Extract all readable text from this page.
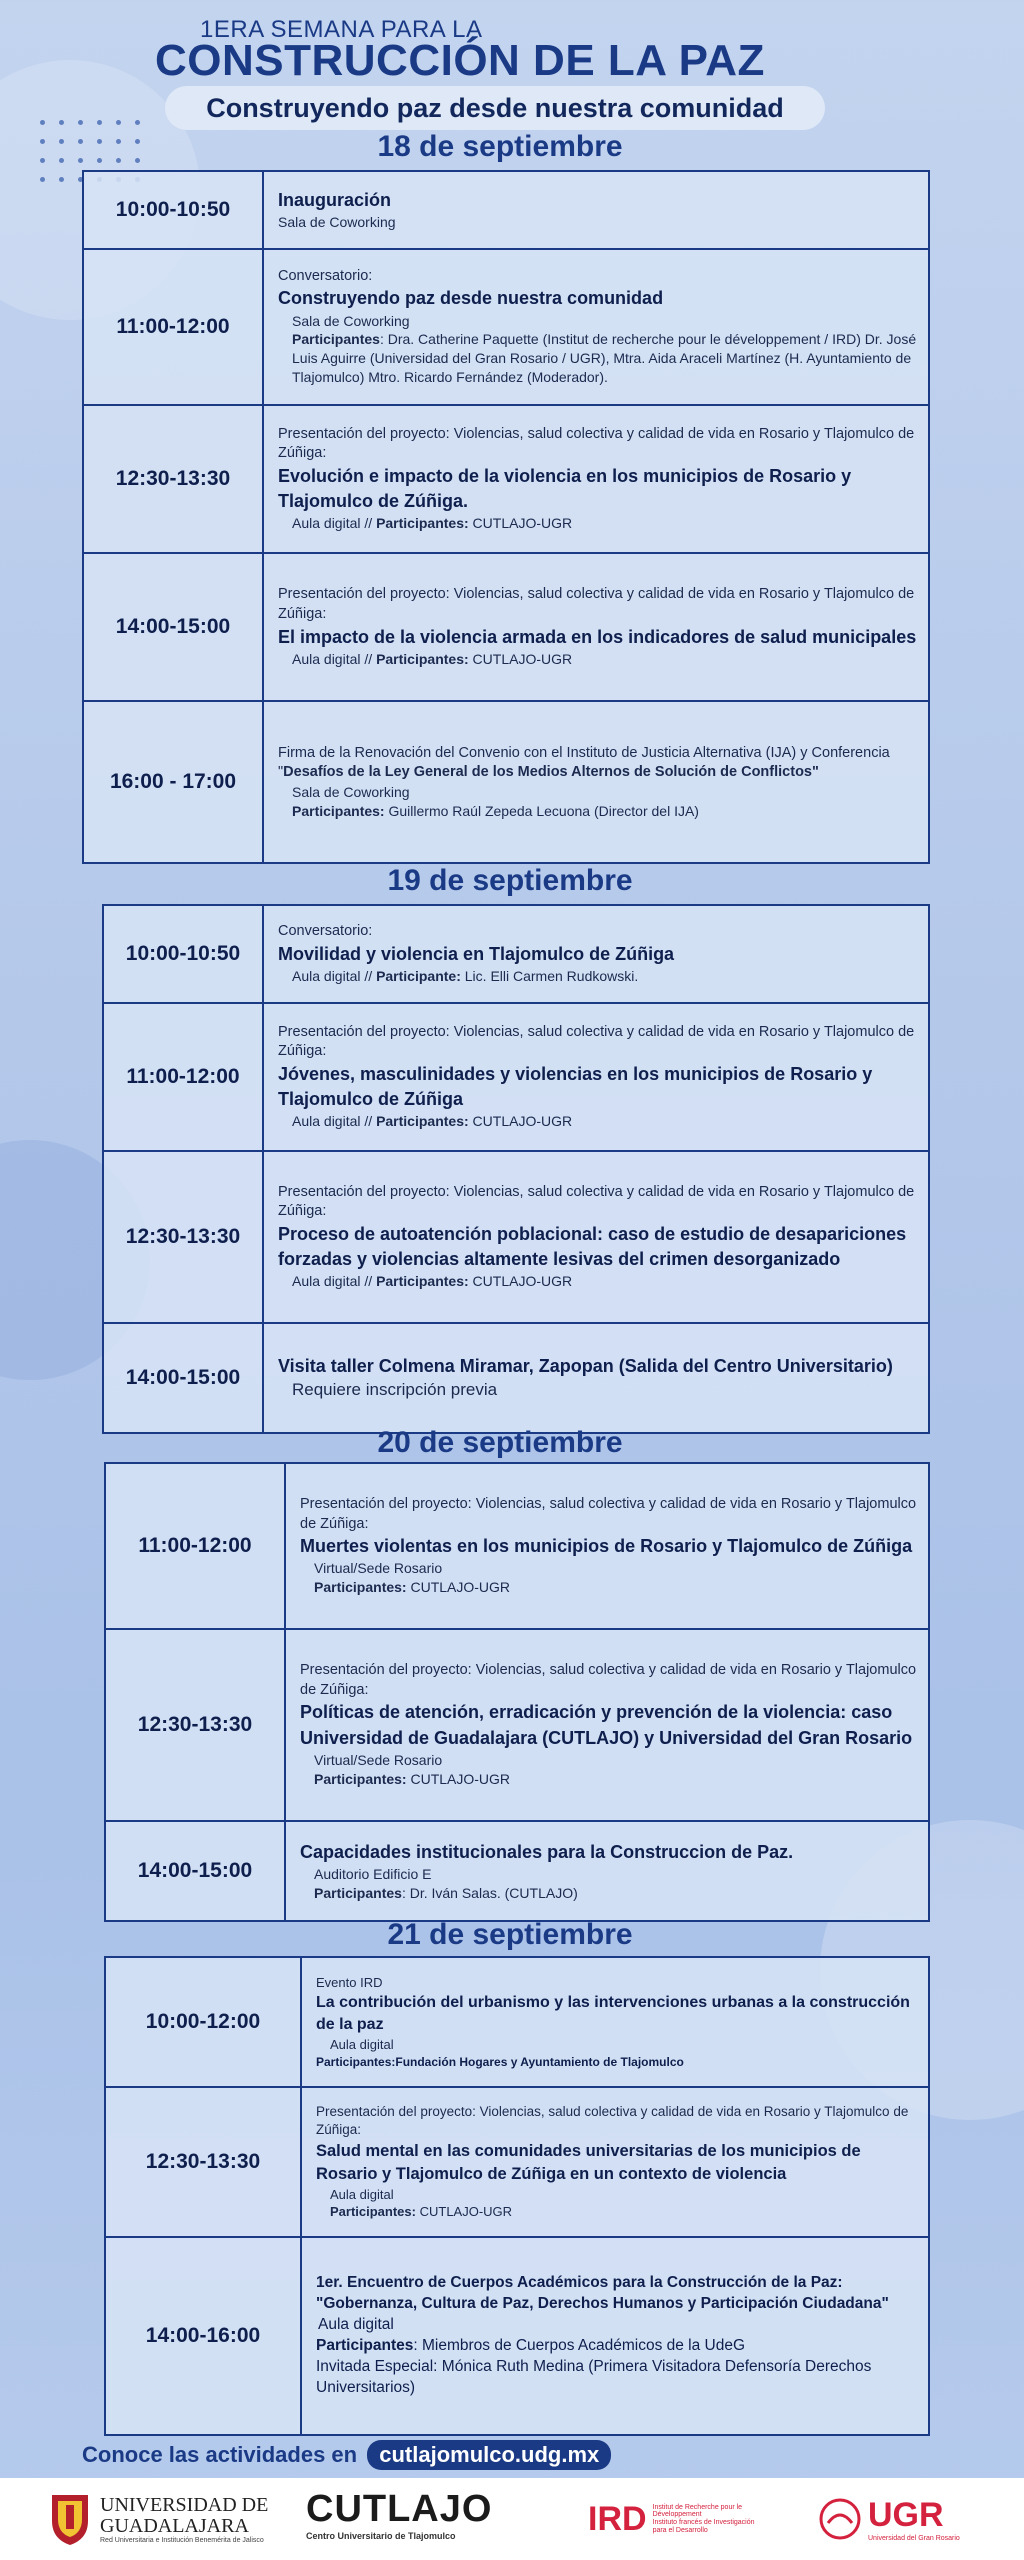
1ERA SEMANA PARA LA
CONSTRUCCIÓN DE LA PAZ
Construyendo paz desde nuestra comunidad
18 de septiembre
10:00-10:50	Inauguración
Sala de Coworking
11:00-12:00
Conversatorio:
Construyendo paz desde nuestra comunidad
Sala de Coworking
Participantes: Dra. Catherine Paquette (Institut de recherche pour le développement / IRD) Dr. José Luis Aguirre (Universidad del Gran Rosario / UGR), Mtra. Aida Araceli Martínez (H. Ayuntamiento de Tlajomulco) Mtro. Ricardo Fernández (Moderador).
12:30-13:30
Presentación del proyecto: Violencias, salud colectiva y calidad de vida en Rosario y Tlajomulco de Zúñiga:
Evolución e impacto de la violencia en los municipios de Rosario y Tlajomulco de Zúñiga.
Aula digital // Participantes: CUTLAJO-UGR
14:00-15:00
Presentación del proyecto: Violencias, salud colectiva y calidad de vida en Rosario y Tlajomulco de Zúñiga:
El impacto de la violencia armada en los indicadores de salud municipales
Aula digital // Participantes: CUTLAJO-UGR
16:00 - 17:00
Firma de la Renovación del Convenio con el Instituto de Justicia Alternativa (IJA) y Conferencia "Desafíos de la Ley General de los Medios Alternos de Solución de Conflictos"
Sala de Coworking
Participantes: Guillermo Raúl Zepeda Lecuona (Director del IJA)
19 de septiembre
10:00-10:50
Conversatorio:
Movilidad y violencia en Tlajomulco de Zúñiga
Aula digital // Participante: Lic. Elli Carmen Rudkowski.
11:00-12:00
Presentación del proyecto: Violencias, salud colectiva y calidad de vida en Rosario y Tlajomulco de Zúñiga:
Jóvenes, masculinidades y violencias en los municipios de Rosario y Tlajomulco de Zúñiga
Aula digital // Participantes: CUTLAJO-UGR
12:30-13:30
Presentación del proyecto: Violencias, salud colectiva y calidad de vida en Rosario y Tlajomulco de Zúñiga:
Proceso de autoatención poblacional: caso de estudio de desapariciones forzadas y violencias altamente lesivas del crimen desorganizado
Aula digital // Participantes: CUTLAJO-UGR
14:00-15:00
Visita taller Colmena Miramar, Zapopan (Salida del Centro Universitario)
Requiere inscripción previa
20 de septiembre
11:00-12:00
Presentación del proyecto: Violencias, salud colectiva y calidad de vida en Rosario y Tlajomulco de Zúñiga:
Muertes violentas en los municipios de Rosario y Tlajomulco de Zúñiga
Virtual/Sede Rosario
Participantes: CUTLAJO-UGR
12:30-13:30
Presentación del proyecto: Violencias, salud colectiva y calidad de vida en Rosario y Tlajomulco de Zúñiga:
Políticas de atención, erradicación y prevención de la violencia: caso Universidad de Guadalajara (CUTLAJO) y Universidad del Gran Rosario
Virtual/Sede Rosario
Participantes: CUTLAJO-UGR
14:00-15:00
Capacidades institucionales para la Construccion de Paz.
Auditorio Edificio E
Participantes: Dr. Iván Salas. (CUTLAJO)
21 de septiembre
10:00-12:00
Evento IRD
La contribución del urbanismo y las intervenciones urbanas a la construcción de la paz
Aula digital
Participantes:Fundación Hogares y Ayuntamiento de Tlajomulco
12:30-13:30
Presentación del proyecto: Violencias, salud colectiva y calidad de vida en Rosario y Tlajomulco de Zúñiga:
Salud mental en las comunidades universitarias de los municipios de Rosario y Tlajomulco de Zúñiga en un contexto de violencia
Aula digital
Participantes: CUTLAJO-UGR
14:00-16:00
1er. Encuentro de Cuerpos Académicos para la Construcción de la Paz:
"Gobernanza, Cultura de Paz, Derechos Humanos y Participación Ciudadana"
Aula digital
Participantes: Miembros de Cuerpos Académicos de la UdeG
Invitada Especial: Mónica Ruth Medina (Primera Visitadora Defensoría Derechos Universitarios)
Conoce las actividades en cutlajomulco.udg.mx
UNIVERSIDAD DE
GUADALAJARA
Red Universitaria e Institución Benemérita de Jalisco
CUTLAJO
Centro Universitario de Tlajomulco	IRD Institut de Recherche pour le Développement
Instituto francés de Investigación para el Desarrollo	UGR
Universidad del Gran Rosario
